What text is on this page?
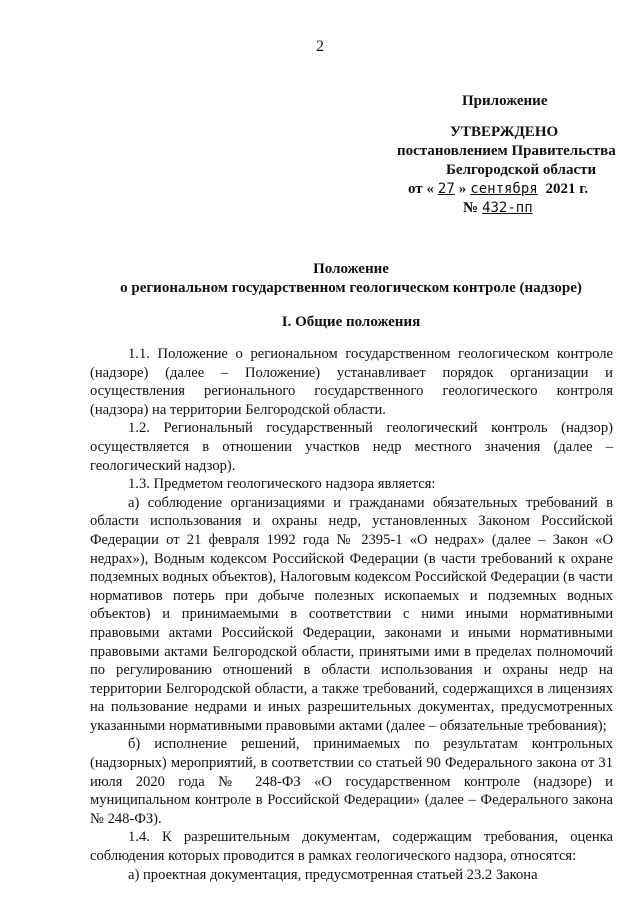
2
Приложение
УТВЕРЖДЕНО
постановлением Правительства
Белгородской области
от « 27 » сентября 2021 г.
№ 432-пп
Положение
о региональном государственном геологическом контроле (надзоре)
I. Общие положения

1.1. Положение о региональном государственном геологическом контроле (надзоре) (далее – Положение) устанавливает порядок организации и осуществления регионального государственного геологического контроля (надзора) на территории Белгородской области.

1.2. Региональный государственный геологический контроль (надзор) осуществляется в отношении участков недр местного значения (далее – геологический надзор).

1.3. Предметом геологического надзора является:

а) соблюдение организациями и гражданами обязательных требований в области использования и охраны недр, установленных Законом Российской Федерации от 21 февраля 1992 года № 2395-1 «О недрах» (далее – Закон «О недрах»), Водным кодексом Российской Федерации (в части требований к охране подземных водных объектов), Налоговым кодексом Российской Федерации (в части нормативов потерь при добыче полезных ископаемых и подземных водных объектов) и принимаемыми в соответствии с ними иными нормативными правовыми актами Российской Федерации, законами и иными нормативными правовыми актами Белгородской области, принятыми ими в пределах полномочий по регулированию отношений в области использования и охраны недр на территории Белгородской области, а также требований, содержащихся в лицензиях на пользование недрами и иных разрешительных документах, предусмотренных указанными нормативными правовыми актами (далее – обязательные требования);

б) исполнение решений, принимаемых по результатам контрольных (надзорных) мероприятий, в соответствии со статьей 90 Федерального закона от 31 июля 2020 года № 248-ФЗ «О государственном контроле (надзоре) и муниципальном контроле в Российской Федерации» (далее – Федерального закона № 248-ФЗ).

1.4. К разрешительным документам, содержащим требования, оценка соблюдения которых проводится в рамках геологического надзора, относятся:

а) проектная документация, предусмотренная статьей 23.2 Закона
